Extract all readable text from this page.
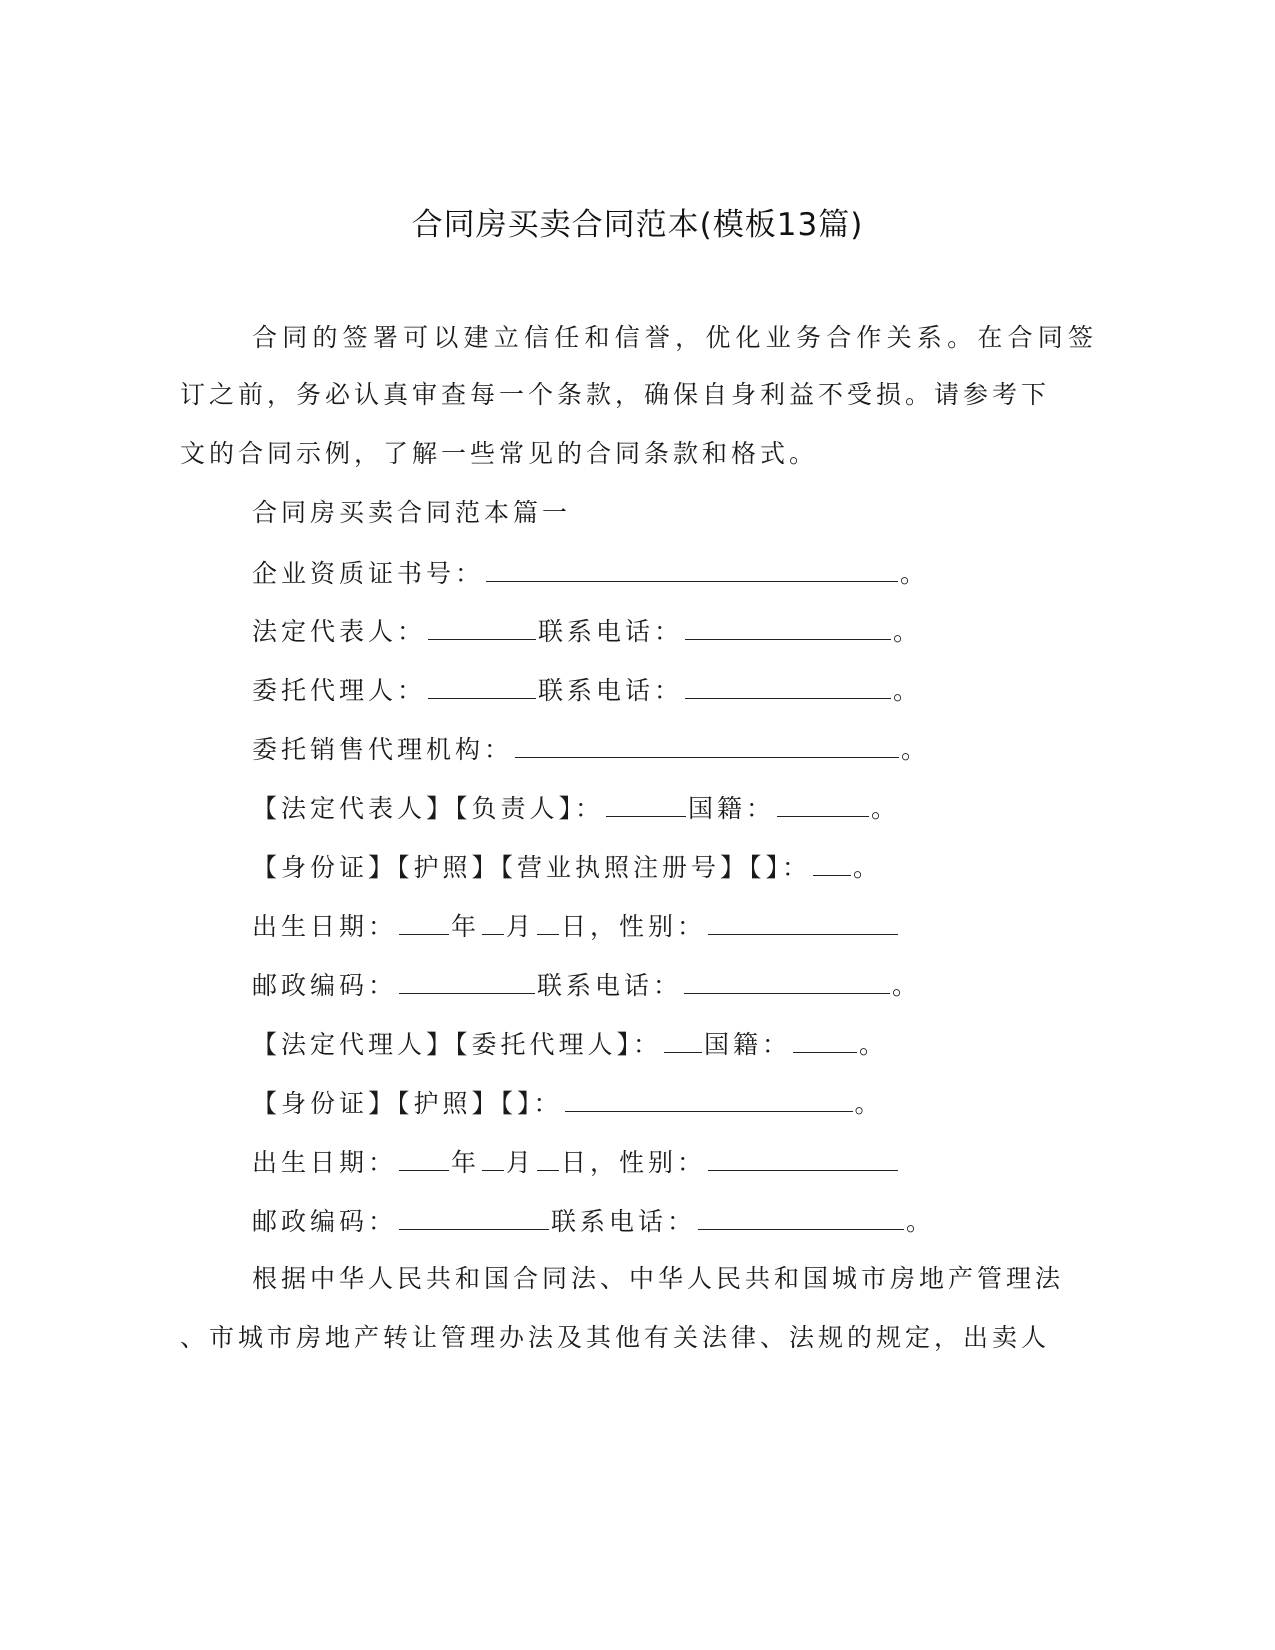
合同房买卖合同范本(模板13篇)
合同的签署可以建立信任和信誉，优化业务合作关系。在合同签
订之前，务必认真审查每一个条款，确保自身利益不受损。请参考下
文的合同示例，了解一些常见的合同条款和格式。
合同房买卖合同范本篇一
企业资质证书号：	。
法定代表人：	联系电话：	。
委托代理人：	联系电话：	。
委托销售代理机构：	。
【法定代表人】【负责人】：	国籍：	。
【身份证】【护照】【营业执照注册号】【】： 。
出生日期： 年 月 日，性别：
邮政编码：	联系电话：	。
【法定代理人】【委托代理人】： 国籍：	。
【身份证】【护照】【】：	。
出生日期： 年 月 日，性别：
邮政编码：	联系电话：	。
根据中华人民共和国合同法、中华人民共和国城市房地产管理法
、市城市房地产转让管理办法及其他有关法律、法规的规定，出卖人
